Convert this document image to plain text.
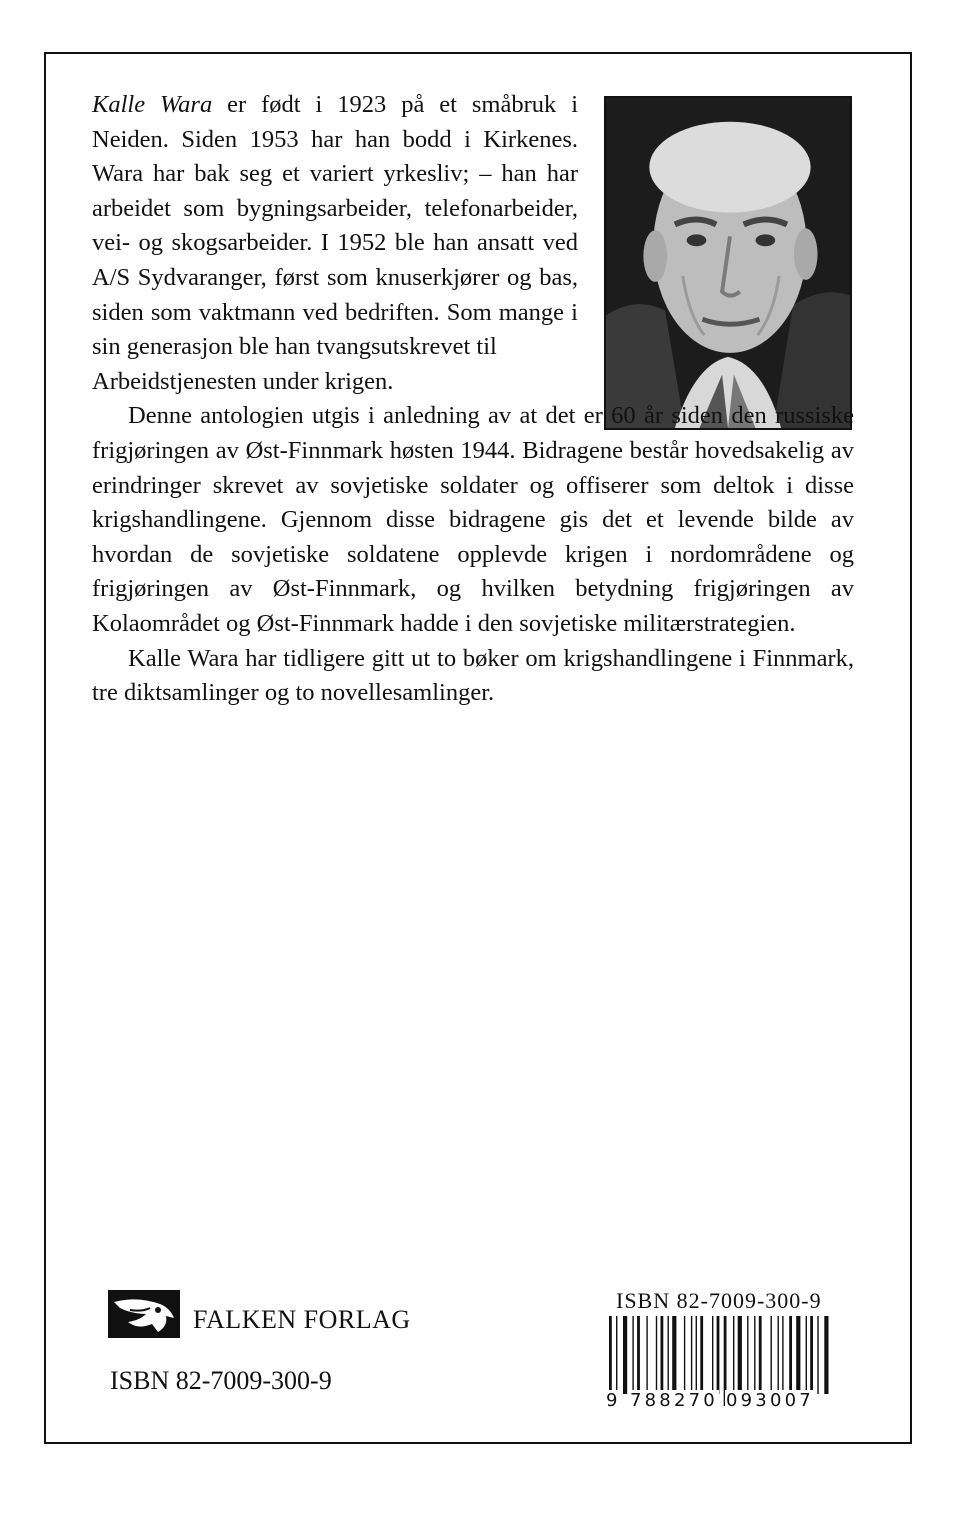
Kalle Wara er født i 1923 på et småbruk i Neiden. Siden 1953 har han bodd i Kirkenes. Wara har bak seg et variert yrkesliv; – han har arbeidet som bygningsarbeider, telefonarbeider, vei- og skogsarbeider. I 1952 ble han ansatt ved A/S Sydvaranger, først som knuserkjører og bas, siden som vaktmann ved bedriften. Som mange i sin generasjon ble han tvangsutskrevet til

Arbeidstjenesten under krigen.

Denne antologien utgis i anledning av at det er 60 år siden den russiske frigjøringen av Øst-Finnmark høsten 1944. Bidragene består hovedsakelig av erindringer skrevet av sovjetiske soldater og offiserer som deltok i disse krigshandlingene. Gjennom disse bidragene gis det et levende bilde av hvordan de sovjetiske soldatene opplevde krigen i nordområdene og frigjøringen av Øst-Finnmark, og hvilken betydning frigjøringen av Kolaområdet og Øst-Finnmark hadde i den sovjetiske militærstrategien.

Kalle Wara har tidligere gitt ut to bøker om krigshandlingene i Finnmark, tre diktsamlinger og to novellesamlinger.

FALKEN FORLAG
ISBN 82-7009-300-9
ISBN 82-7009-300-9
9 788270 093007
